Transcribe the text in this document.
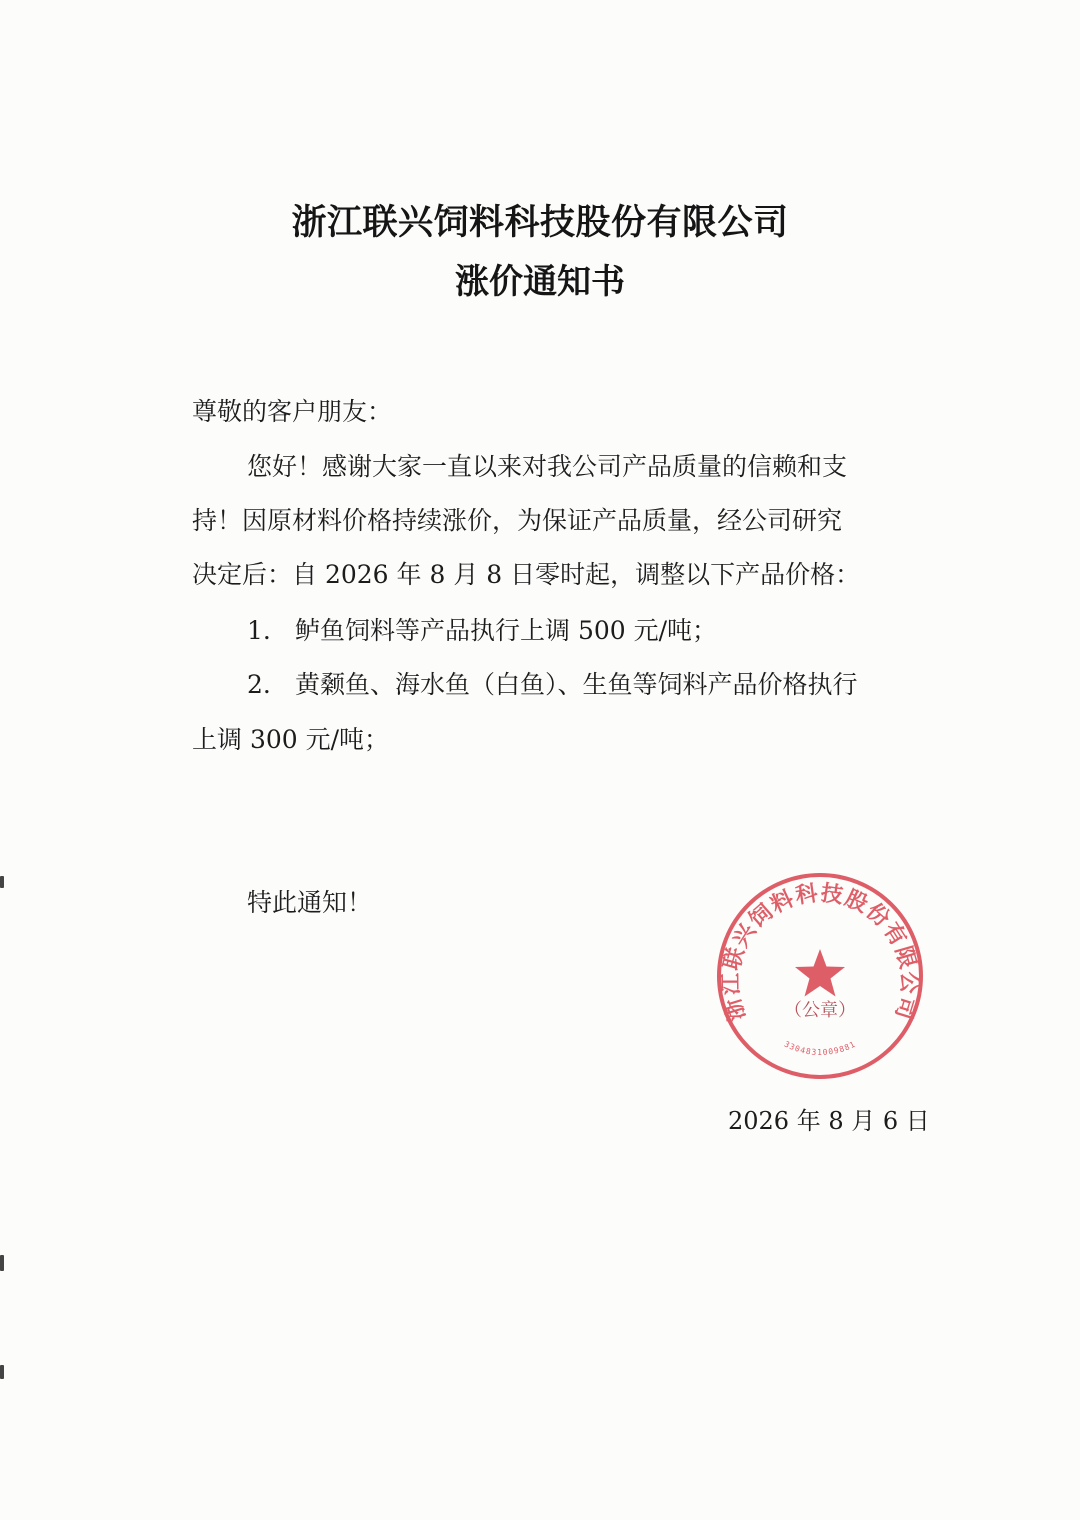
浙江联兴饲料科技股份有限公司
涨价通知书
尊敬的客户朋友：
您好！感谢大家一直以来对我公司产品质量的信赖和支
持！因原材料价格持续涨价，为保证产品质量，经公司研究
决定后：自 2026 年 8 月 8 日零时起，调整以下产品价格：
1. 鲈鱼饲料等产品执行上调 500 元/吨；
2. 黄颡鱼、海水鱼（白鱼）、生鱼等饲料产品价格执行
上调 300 元/吨；
特此通知！
浙江联兴饲料科技股份有限公司
（公章）
3304831009881
2026 年 8 月 6 日
